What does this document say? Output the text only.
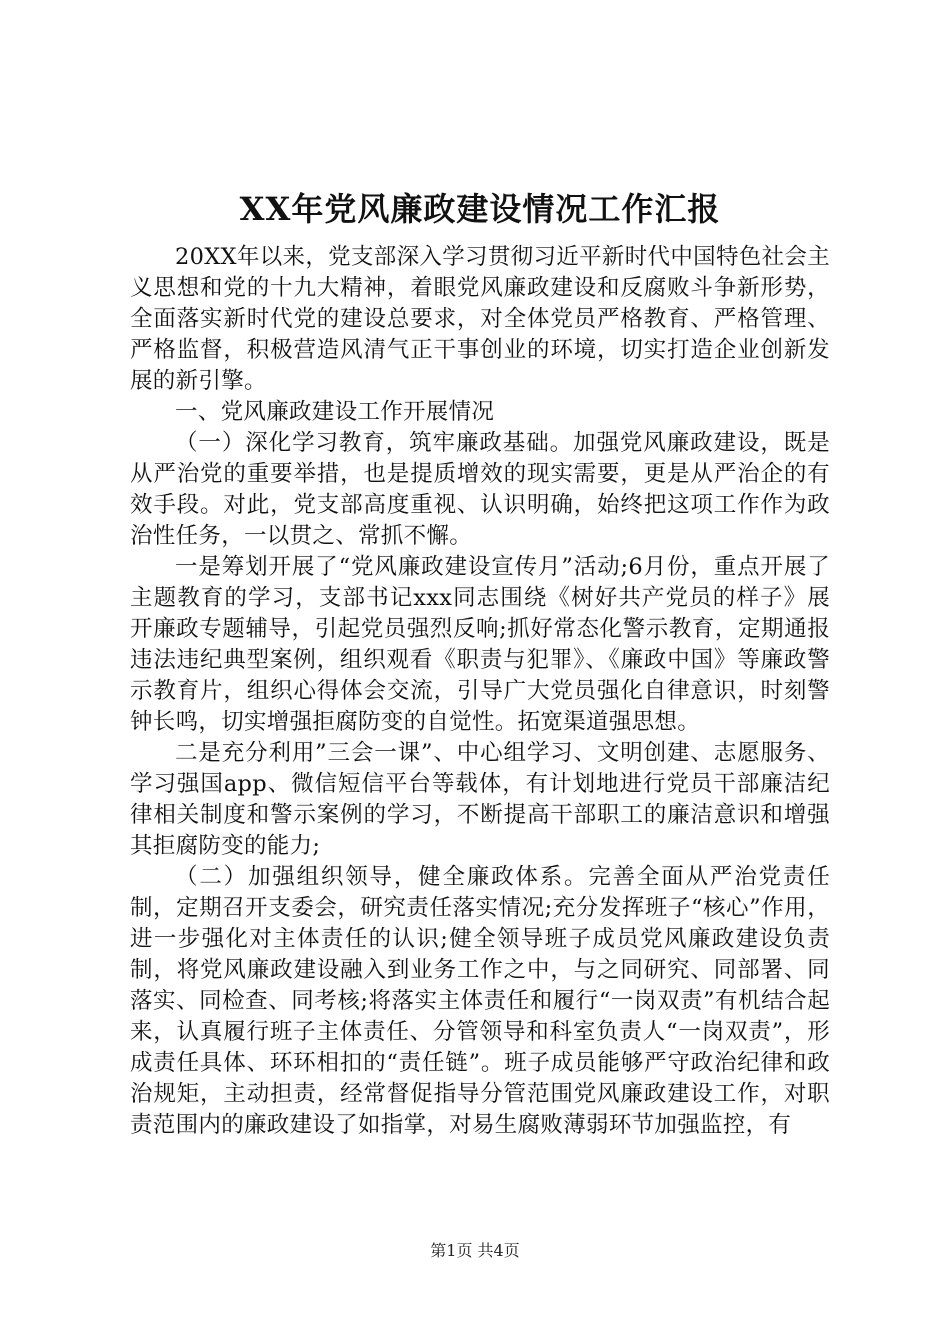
XX年党风廉政建设情况工作汇报

20XX年以来，党支部深入学习贯彻习近平新时代中国特色社会主义思想和党的十九大精神，着眼党风廉政建设和反腐败斗争新形势，全面落实新时代党的建设总要求，对全体党员严格教育、严格管理、严格监督，积极营造风清气正干事创业的环境，切实打造企业创新发展的新引擎。

一、党风廉政建设工作开展情况

（一）深化学习教育，筑牢廉政基础。加强党风廉政建设，既是从严治党的重要举措，也是提质增效的现实需要，更是从严治企的有效手段。对此，党支部高度重视、认识明确，始终把这项工作作为政治性任务，一以贯之、常抓不懈。

一是筹划开展了“党风廉政建设宣传月”活动;6月份，重点开展了主题教育的学习，支部书记xxx同志围绕《树好共产党员的样子》展开廉政专题辅导，引起党员强烈反响;抓好常态化警示教育，定期通报违法违纪典型案例，组织观看《职责与犯罪》、《廉政中国》等廉政警示教育片，组织心得体会交流，引导广大党员强化自律意识，时刻警钟长鸣，切实增强拒腐防变的自觉性。拓宽渠道强思想。

二是充分利用”三会一课”、中心组学习、文明创建、志愿服务、学习强国app、微信短信平台等载体，有计划地进行党员干部廉洁纪律相关制度和警示案例的学习，不断提高干部职工的廉洁意识和增强其拒腐防变的能力;

（二）加强组织领导，健全廉政体系。完善全面从严治党责任制，定期召开支委会，研究责任落实情况;充分发挥班子“核心”作用，进一步强化对主体责任的认识;健全领导班子成员党风廉政建设负责制，将党风廉政建设融入到业务工作之中，与之同研究、同部署、同落实、同检查、同考核;将落实主体责任和履行“一岗双责”有机结合起来，认真履行班子主体责任、分管领导和科室负责人“一岗双责”，形成责任具体、环环相扣的“责任链”。班子成员能够严守政治纪律和政治规矩，主动担责，经常督促指导分管范围党风廉政建设工作，对职责范围内的廉政建设了如指掌，对易生腐败薄弱环节加强监控，有

第1页 共4页
